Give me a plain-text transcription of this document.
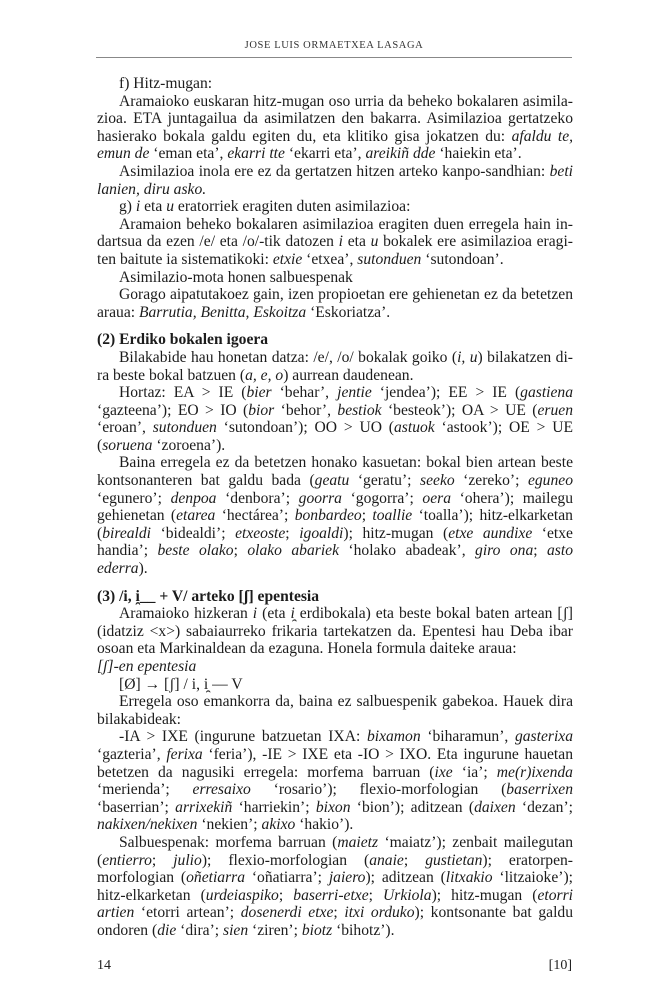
JOSE LUIS ORMAETXEA LASAGA

f) Hitz-mugan:

Aramaioko euskaran hitz-mugan oso urria da beheko bokalaren asimilazioa. ETA juntagailua da asimilatzen den bakarra. Asimilazioa gertatzeko hasierako bokala galdu egiten du, eta klitiko gisa jokatzen du: afaldu te, emun de ‘eman eta’, ekarri tte ‘ekarri eta’, areikiñ dde ‘haiekin eta’.

Asimilazioa inola ere ez da gertatzen hitzen arteko kanpo-sandhian: beti lanien, diru asko.

g) i eta u eratorriek eragiten duten asimilazioa:

Aramaion beheko bokalaren asimilazioa eragiten duen erregela hain indartsua da ezen /e/ eta /o/-tik datozen i eta u bokalek ere asimilazioa eragiten baitute ia sistematikoki: etxie ‘etxea’, sutonduen ‘sutondoan’.

Asimilazio-mota honen salbuespenak

Gorago aipatutakoez gain, izen propioetan ere gehienetan ez da betetzen araua: Barrutia, Benitta, Eskoitza ‘Eskoriatza’.

(2) Erdiko bokalen igoera

Bilakabide hau honetan datza: /e/, /o/ bokalak goiko (i, u) bilakatzen dira beste bokal batzuen (a, e, o) aurrean daudenean.

Hortaz: EA > IE (bier ‘behar’, jentie ‘jendea’); EE > IE (gastiena ‘gazteena’); EO > IO (bior ‘behor’, bestiok ‘besteok’); OA > UE (eruen ‘eroan’, sutonduen ‘sutondoan’); OO > UO (astuok ‘astook’); OE > UE (soruena ‘zoroena’).

Baina erregela ez da betetzen honako kasuetan: bokal bien artean beste kontsonanteren bat galdu bada (geatu ‘geratu’; seeko ‘zereko’; eguneo ‘egunero’; denpoa ‘denbora’; goorra ‘gogorra’; oera ‘ohera’); mailegu gehienetan (etarea ‘hectárea’; bonbardeo; toallie ‘toalla’); hitz-elkarketan (birealdi ‘bidealdi’; etxeoste; igoaldi); hitz-mugan (etxe aundixe ‘etxe handia’; beste olako; olako abariek ‘holako abadeak’, giro ona; asto ederra).

(3) /i, i̯__ + V/ arteko [ʃ] epentesia

Aramaioko hizkeran i (eta i̯ erdibokala) eta beste bokal baten artean [ʃ] (idatziz <x>) sabaiaurreko frikaria tartekatzen da. Epentesi hau Deba ibar osoan eta Markinaldean da ezaguna. Honela formula daiteke araua:

[ʃ]-en epentesia

[Ø] → [ʃ] / i, i̯ — V

Erregela oso emankorra da, baina ez salbuespenik gabekoa. Hauek dira bilakabideak:

-IA > IXE (ingurune batzuetan IXA: bixamon ‘biharamun’, gasterixa ‘gazteria’, ferixa ‘feria’), -IE > IXE eta -IO > IXO. Eta ingurune hauetan betetzen da nagusiki erregela: morfema barruan (ixe ‘ia’; me(r)ixenda ‘merienda’; erresaixo ‘rosario’); flexio-morfologian (baserrixen ‘baserrian’; arrixekiñ ‘harriekin’; bixon ‘bion’); aditzean (daixen ‘dezan’; nakixen/nekixen ‘nekien’; akixo ‘hakio’).

Salbuespenak: morfema barruan (maietz ‘maiatz’); zenbait mailegutan (entierro; julio); flexio-morfologian (anaie; gustietan); eratorpen-morfologian (oñetiarra ‘oñatiarra’; jaiero); aditzean (litxakio ‘litzaioke’); hitz-elkarketan (urdeiaspiko; baserri-etxe; Urkiola); hitz-mugan (etorri artien ‘etorri artean’; dosenerdi etxe; itxi orduko); kontsonante bat galdu ondoren (die ‘dira’; sien ‘ziren’; biotz ‘bihotz’).

14	[10]
